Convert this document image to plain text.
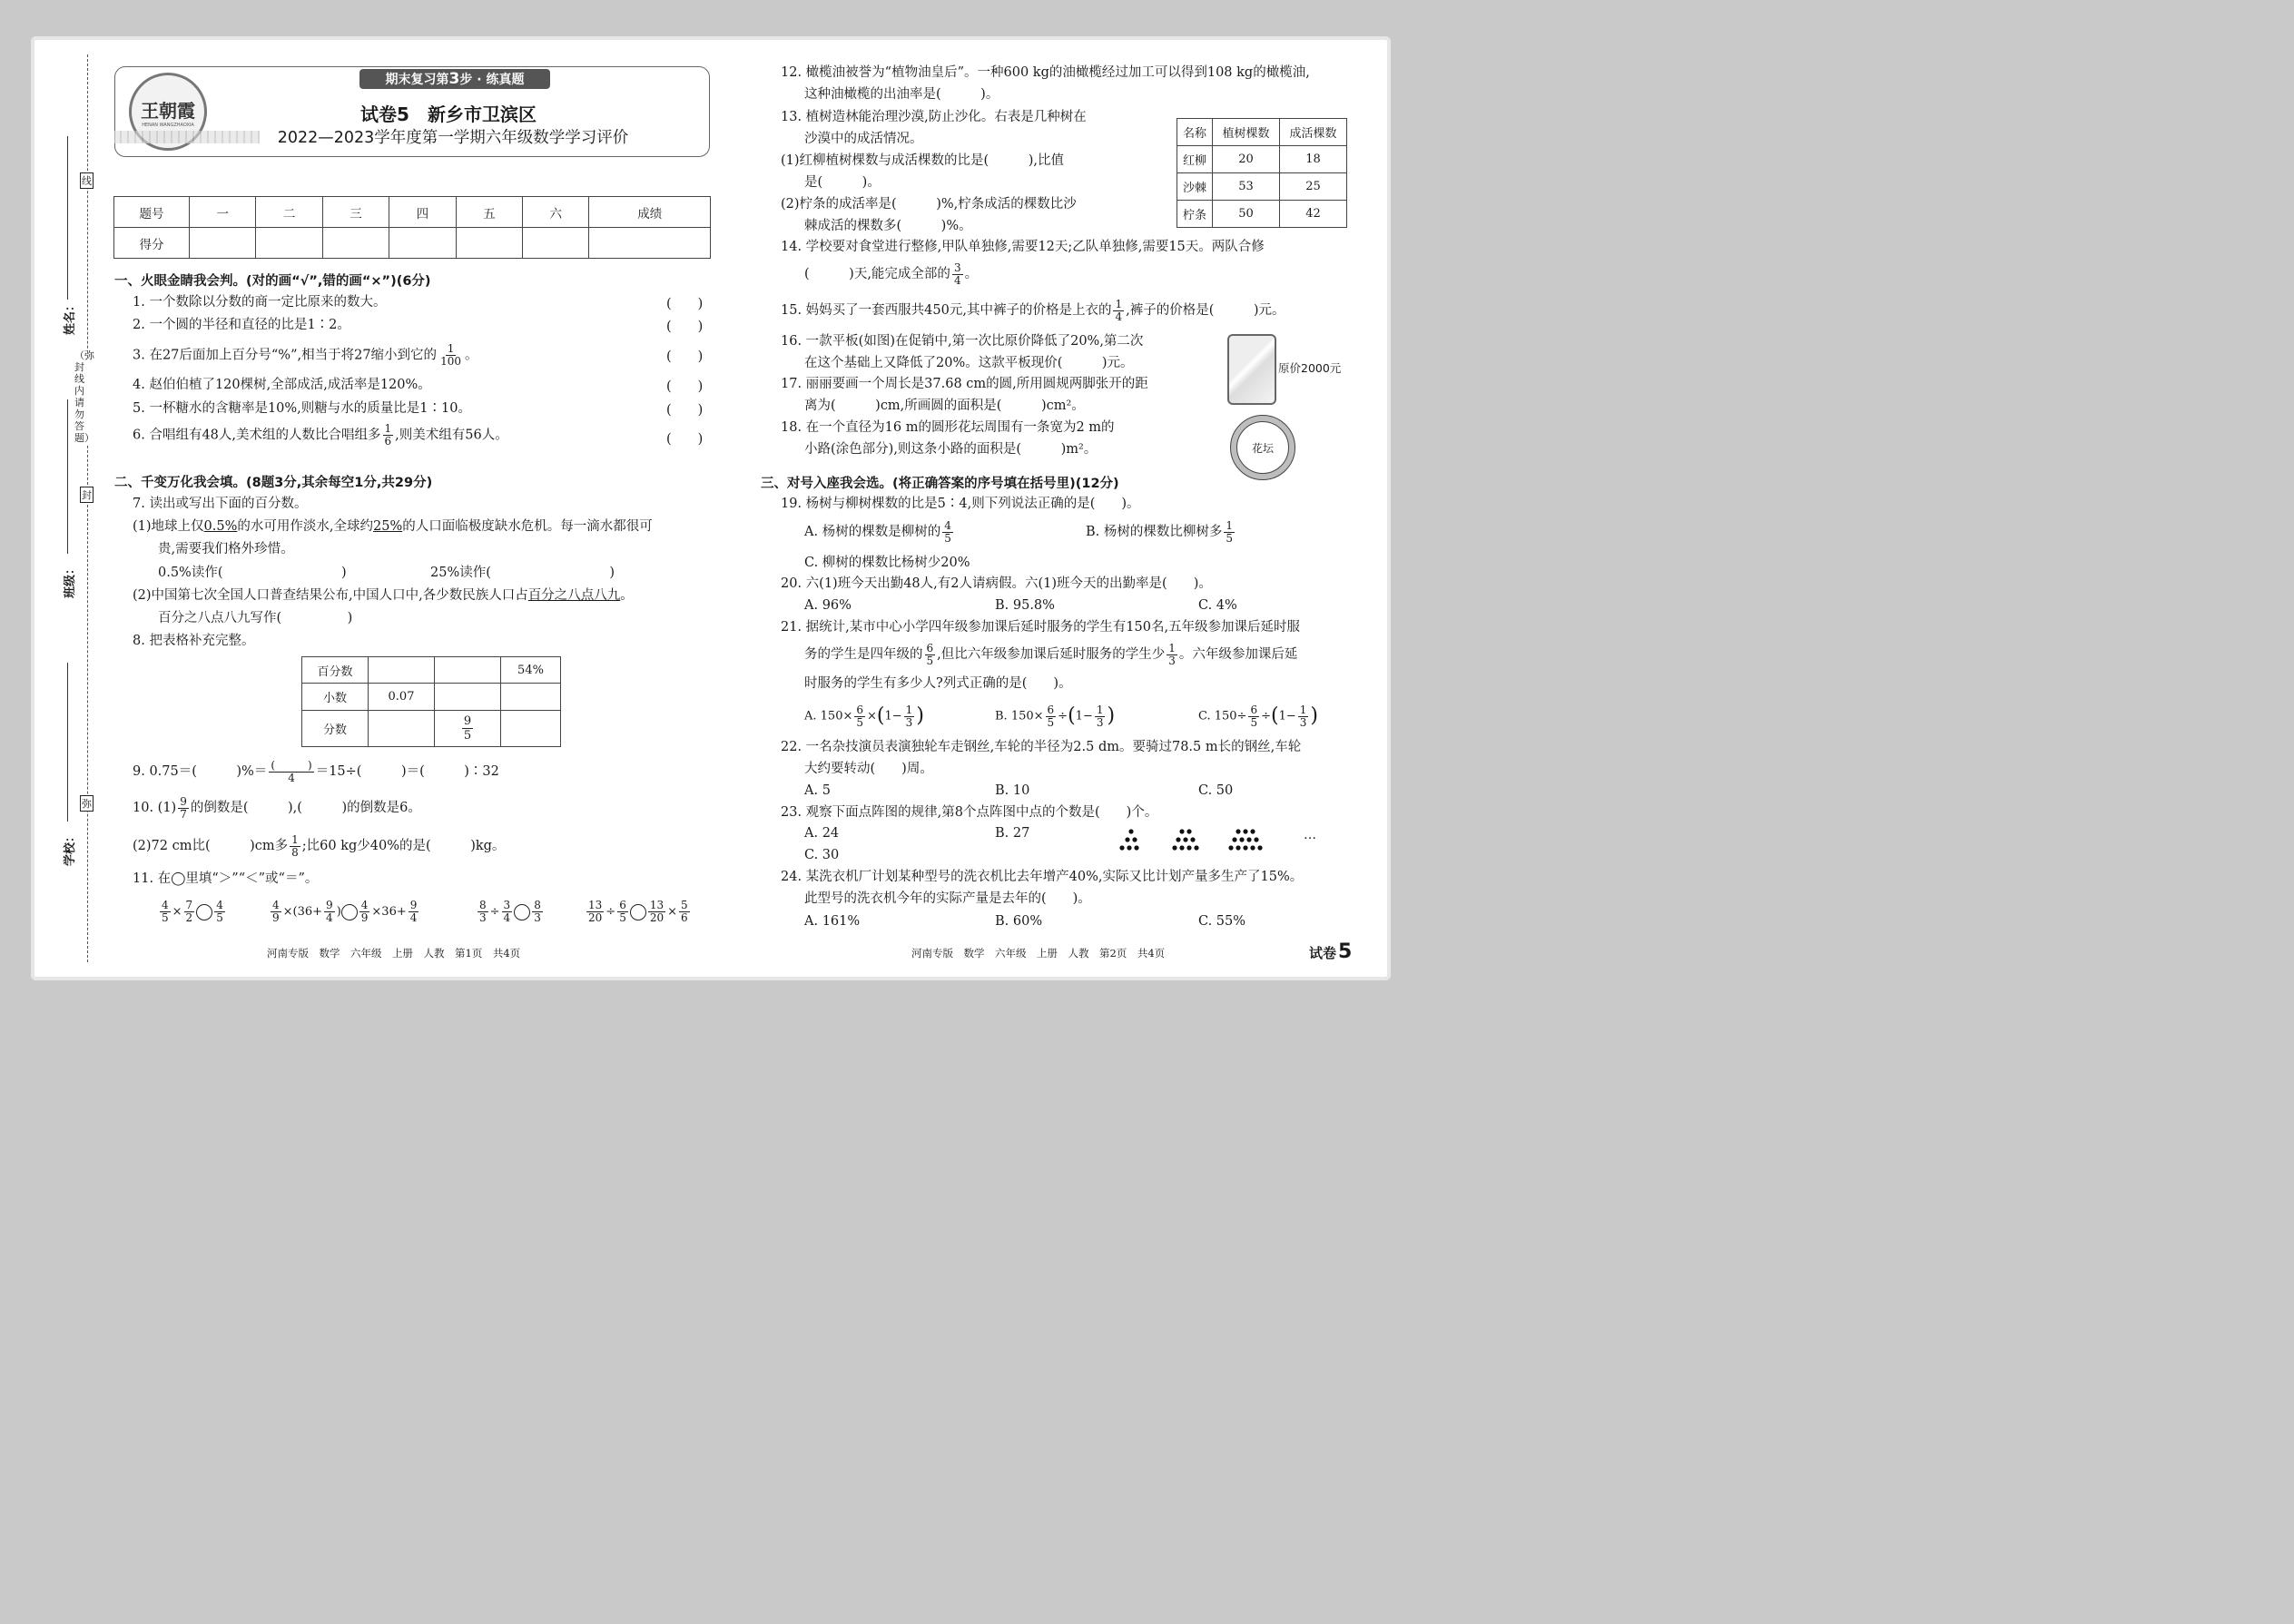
线
封
弥
（弥封线内请勿答题）
姓名：
班级：
学校：
王朝霞
HENAN WANGZHAOXIA
期末复习第3步 · 练真题
试卷5　新乡市卫滨区
2022—2023学年度第一学期六年级数学学习评价
题号	一	二	三	四	五	六	成绩
得分							
一、火眼金睛我会判。(对的画“√”,错的画“×”)(6分)
1. 一个数除以分数的商一定比原来的数大。	(　　)
2. 一个圆的半径和直径的比是1∶2。	(　　)
3. 在27后面加上百分号“%”,相当于将27缩小到它的 $\frac{1}{100}$ 。	(　　)
4. 赵伯伯植了120棵树,全部成活,成活率是120%。	(　　)
5. 一杯糖水的含糖率是10%,则糖与水的质量比是1∶10。	(　　)
6. 合唱组有48人,美术组的人数比合唱组多 $\frac{1}{6}$ ,则美术组有56人。	(　　)
二、千变万化我会填。(8题3分,其余每空1分,共29分)
7. 读出或写出下面的百分数。
(1)地球上仅0.5%的水可用作淡水,全球约25%的人口面临极度缺水危机。每一滴水都很可
贵,需要我们格外珍惜。
0.5%读作(　　　　　　　　　)	25%读作(　　　　　　　　　)
(2)中国第七次全国人口普查结果公布,中国人口中,各少数民族人口占百分之八点八九。
百分之八点八九写作(　　　　　)
8. 把表格补充完整。
百分数			54%
小数	0.07		
分数		$\frac{9}{5}$

9. 0.75＝(　　　)%＝ $\frac{( )}{4} =15\div$(　　　)＝(　　　)∶32
10. $(1) \frac{9}{7}$ 的倒数是(　　　),(　　　)的倒数是6。
(2)72 cm比(　　　)cm多 $\frac{1}{8}$ ;比60 kg少40%的是(　　　)kg。
11. 在◯里填“＞”“＜”或“＝”。
$\frac{4}{5} \times \frac{7}{2} \frac{4}{5}$	$\frac{4}{9} \times(36+ \frac{9}{4}$ ) $\frac{4}{9} \times 36+ \frac{9}{4}$	$\frac{8}{3} \div \frac{3}{4} \frac{8}{3}$	$\frac{13}{20} \div \frac{6}{5} \frac{13}{20} \times \frac{5}{6}$
河南专版　数学　六年级　上册　人教　第1页　共4页
12. 橄榄油被誉为“植物油皇后”。一种600 kg的油橄榄经过加工可以得到108 kg的橄榄油,
这种油橄榄的出油率是(　　　)。
13. 植树造林能治理沙漠,防止沙化。右表是几种树在
沙漠中的成活情况。
(1)红柳植树棵数与成活棵数的比是(　　　),比值
是(　　　)。
(2)柠条的成活率是(　　　)%,柠条成活的棵数比沙
棘成活的棵数多(　　　)%。
名称	植树棵数	成活棵数
红柳	20	18
沙棘	53	25
柠条	50	42
14. 学校要对食堂进行整修,甲队单独修,需要12天;乙队单独修,需要15天。两队合修
(　　　)天,能完成全部的 $\frac{3}{4}$ 。
15. 妈妈买了一套西服共450元,其中裤子的价格是上衣的 $\frac{1}{4}$ ,裤子的价格是(　　　)元。
16. 一款平板(如图)在促销中,第一次比原价降低了20%,第二次
在这个基础上又降低了20%。这款平板现价(　　　)元。	原价2000元
17. 丽丽要画一个周长是37.68 cm的圆,所用圆规两脚张开的距
离为(　　　)cm,所画圆的面积是(　　　)cm²。
18. 在一个直径为16 m的圆形花坛周围有一条宽为2 m的
小路(涂色部分),则这条小路的面积是(　　　)m²。	花坛
三、对号入座我会选。(将正确答案的序号填在括号里)(12分)
19. 杨树与柳树棵数的比是5∶4,则下列说法正确的是(　　)。
A. 杨树的棵数是柳树的 $\frac{4}{5}$	B. 杨树的棵数比柳树多 $\frac{1}{5}$
C. 柳树的棵数比杨树少20%
20. 六(1)班今天出勤48人,有2人请病假。六(1)班今天的出勤率是(　　)。
A. 96%	B. 95.8%	C. 4%
21. 据统计,某市中心小学四年级参加课后延时服务的学生有150名,五年级参加课后延时服
务的学生是四年级的 $\frac{6}{5}$ ,但比六年级参加课后延时服务的学生少 $\frac{1}{3}$ 。六年级参加课后延
时服务的学生有多少人?列式正确的是(　　)。
A. $150\times \frac{6}{5} \times(1- \frac{1}{3}$ )	B. $150\times \frac{6}{5} \div(1- \frac{1}{3}$ )	C. $150\div \frac{6}{5} \div(1- \frac{1}{3}$ )
22. 一名杂技演员表演独轮车走钢丝,车轮的半径为2.5 dm。要骑过78.5 m长的钢丝,车轮
大约要转动(　　)周。
A. 5	B. 10	C. 50
23. 观察下面点阵图的规律,第8个点阵图中点的个数是(　　)个。
A. 24	B. 27
C. 30
…
24. 某洗衣机厂计划某种型号的洗衣机比去年增产40%,实际又比计划产量多生产了15%。
此型号的洗衣机今年的实际产量是去年的(　　)。
A. 161%	B. 60%	C. 55%
河南专版　数学　六年级　上册　人教　第2页　共4页	试卷5
